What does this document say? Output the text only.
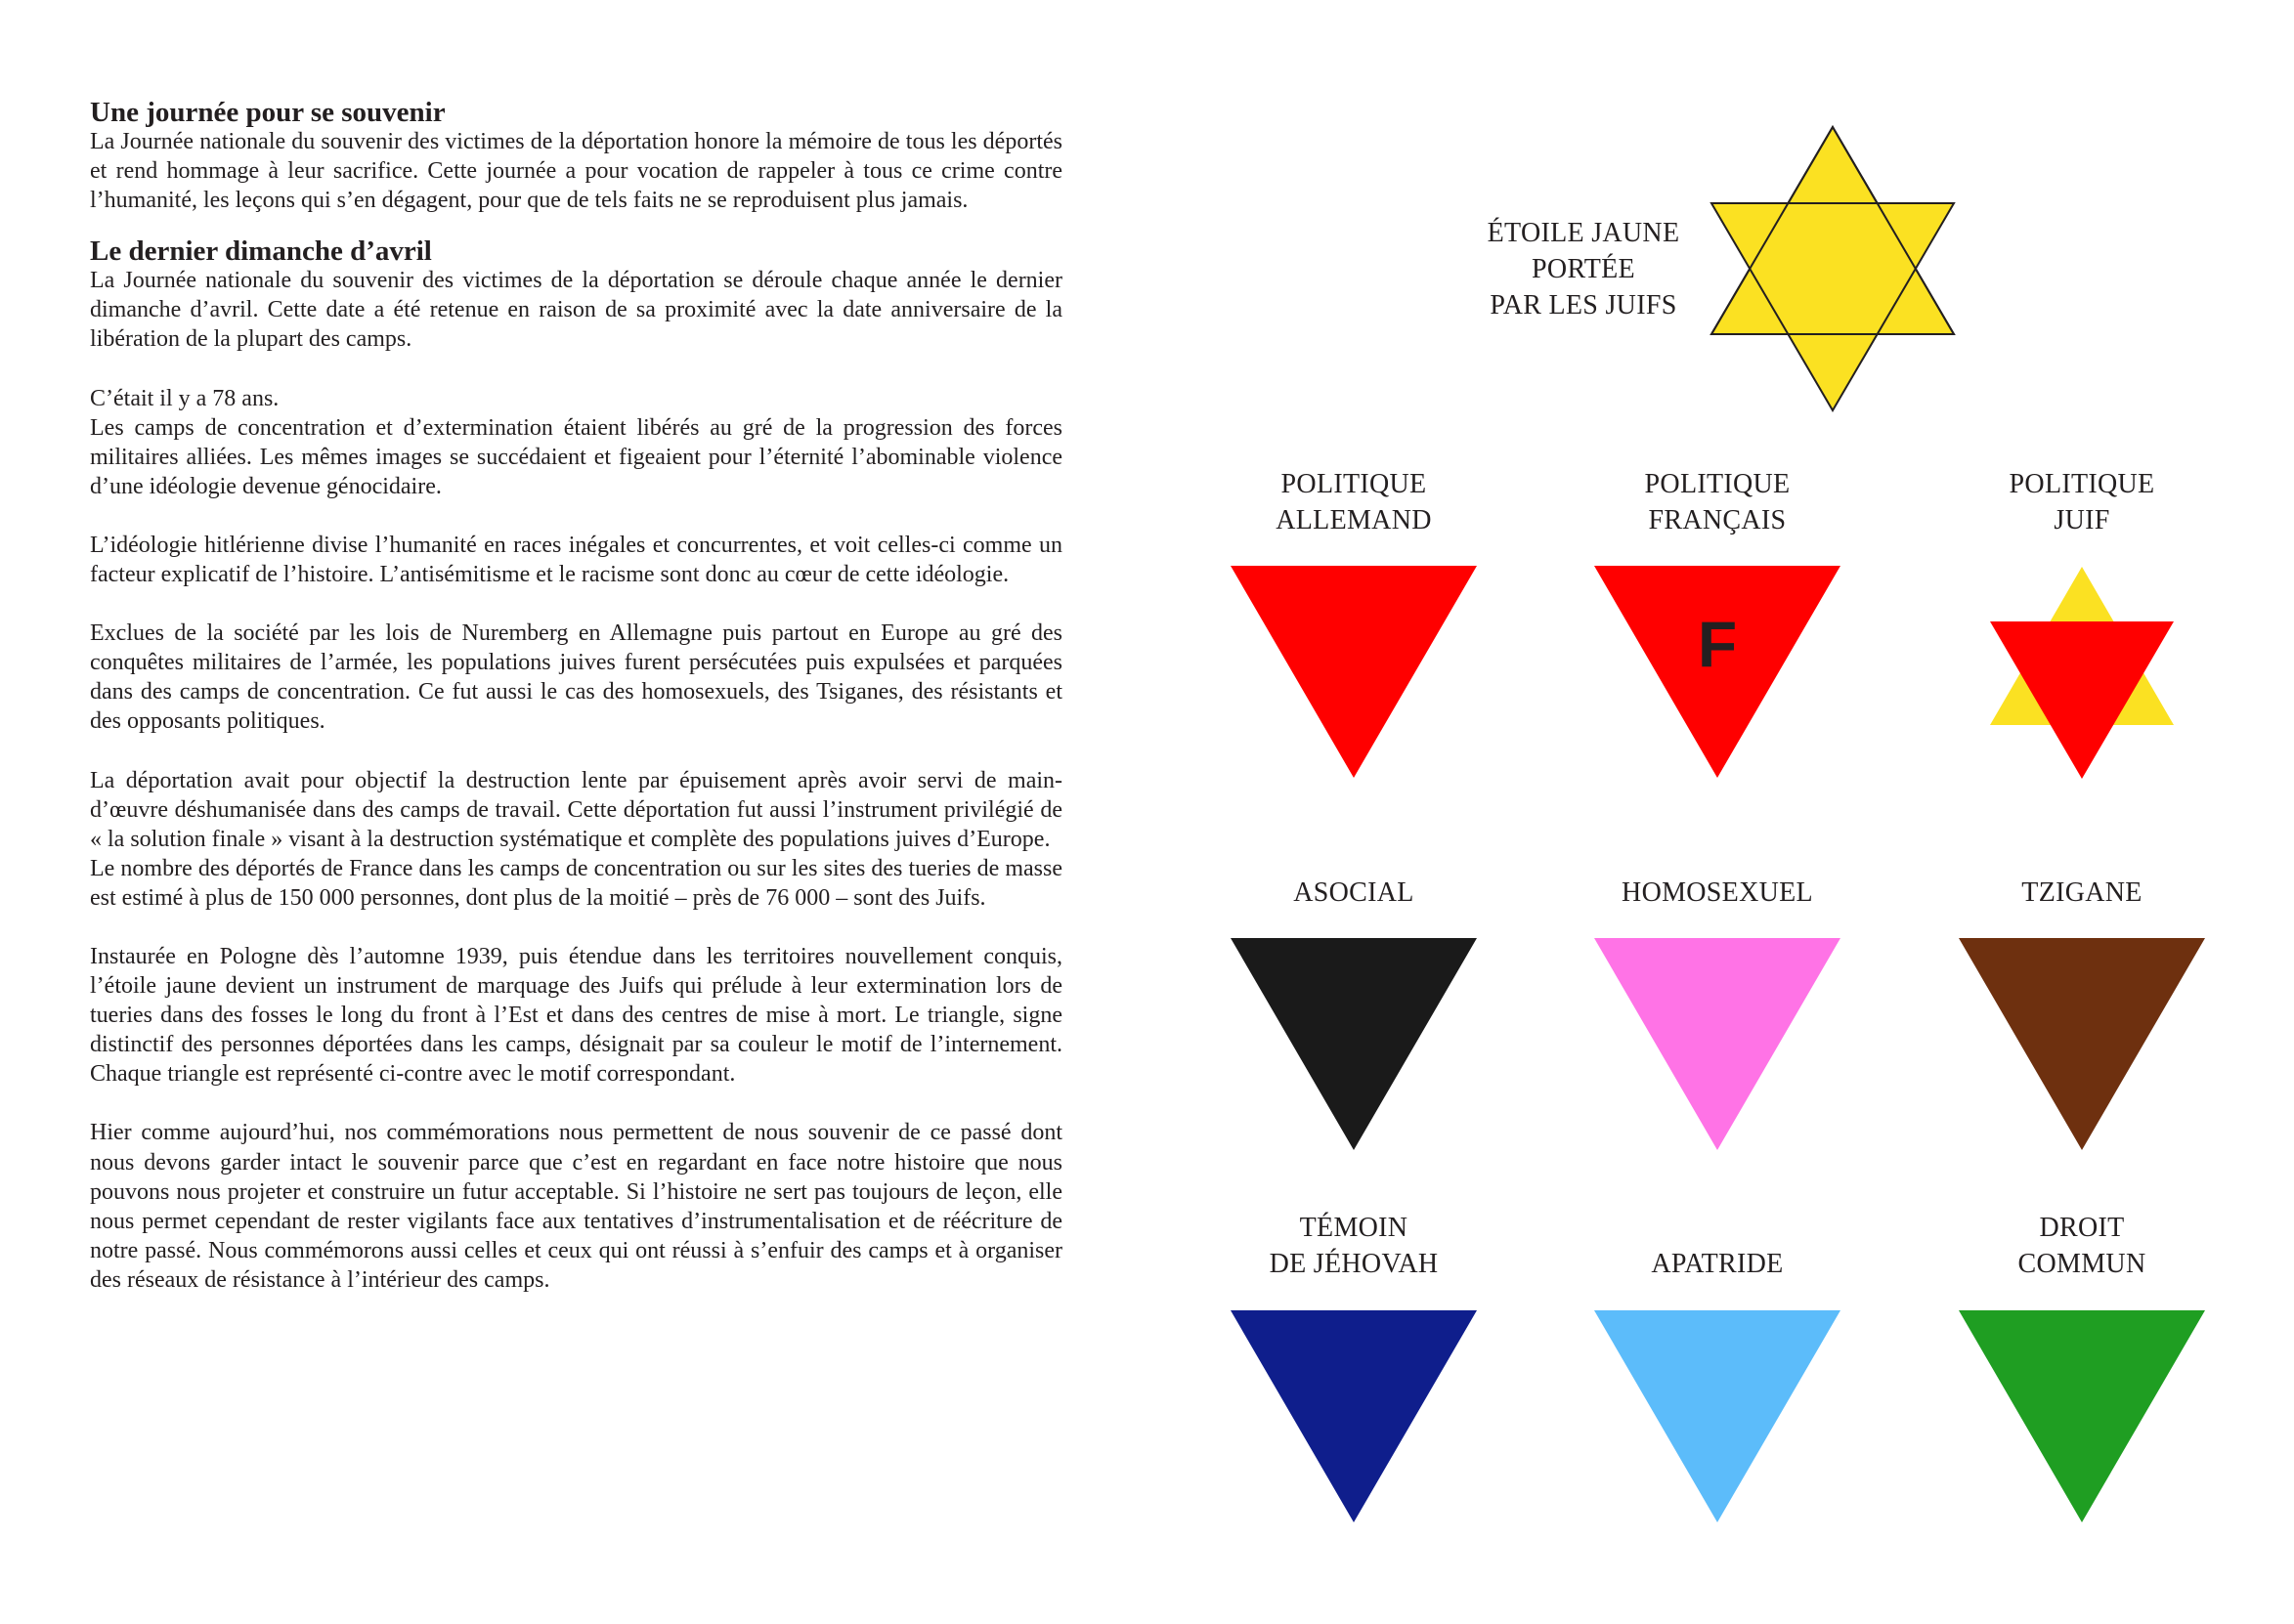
Une journée pour se souvenir

La Journée nationale du souvenir des victimes de la déportation honore la mémoire de tous les déportés et rend hommage à leur sacrifice. Cette journée a pour vocation de rappeler à tous ce crime contre l’humanité, les leçons qui s’en dégagent, pour que de tels faits ne se reproduisent plus jamais.

Le dernier dimanche d’avril

La Journée nationale du souvenir des victimes de la déportation se déroule chaque année le dernier dimanche d’avril. Cette date a été retenue en raison de sa proximité avec la date anniversaire de la libération de la plupart des camps.

C’était il y a 78 ans.

Les camps de concentration et d’extermination étaient libérés au gré de la progression des forces militaires alliées. Les mêmes images se succédaient et figeaient pour l’éternité l’abominable violence d’une idéologie devenue génocidaire.

L’idéologie hitlérienne divise l’humanité en races inégales et concurrentes, et voit celles-ci comme un facteur explicatif de l’histoire. L’antisémitisme et le racisme sont donc au cœur de cette idéologie.

Exclues de la société par les lois de Nuremberg en Allemagne puis partout en Europe au gré des conquêtes militaires de l’armée, les populations juives furent persécutées puis expulsées et parquées dans des camps de concentration. Ce fut aussi le cas des homosexuels, des Tsiganes, des résistants et des opposants politiques.

La déportation avait pour objectif la destruction lente par épuisement après avoir servi de main-d’œuvre déshumanisée dans des camps de travail. Cette déportation fut aussi l’instrument privilégié de « la solution finale » visant à la destruction systématique et complète des populations juives d’Europe.

Le nombre des déportés de France dans les camps de concentration ou sur les sites des tueries de masse est estimé à plus de 150 000 personnes, dont plus de la moitié – près de 76 000 – sont des Juifs.

Instaurée en Pologne dès l’automne 1939, puis étendue dans les territoires nouvellement conquis, l’étoile jaune devient un instrument de marquage des Juifs qui prélude à leur extermination lors de tueries dans des fosses le long du front à l’Est et dans des centres de mise à mort. Le triangle, signe distinctif des personnes déportées dans les camps, désignait par sa couleur le motif de l’internement. Chaque triangle est représenté ci-contre avec le motif correspondant.

Hier comme aujourd’hui, nos commémorations nous permettent de nous souvenir de ce passé dont nous devons garder intact le souvenir parce que c’est en regardant en face notre histoire que nous pouvons nous projeter et construire un futur acceptable. Si l’histoire ne sert pas toujours de leçon, elle nous permet cependant de rester vigilants face aux tentatives d’instrumentalisation et de réécriture de notre passé. Nous commémorons aussi celles et ceux qui ont réussi à s’enfuir des camps et à organiser des réseaux de résistance à l’intérieur des camps.

ÉTOILE JAUNE
PORTÉE
PAR LES JUIFS
POLITIQUE
ALLEMAND
POLITIQUE
FRANÇAIS
F
POLITIQUE
JUIF
ASOCIAL	HOMOSEXUEL	TZIGANE
TÉMOIN
DE JÉHOVAH	APATRIDE
DROIT
COMMUN
